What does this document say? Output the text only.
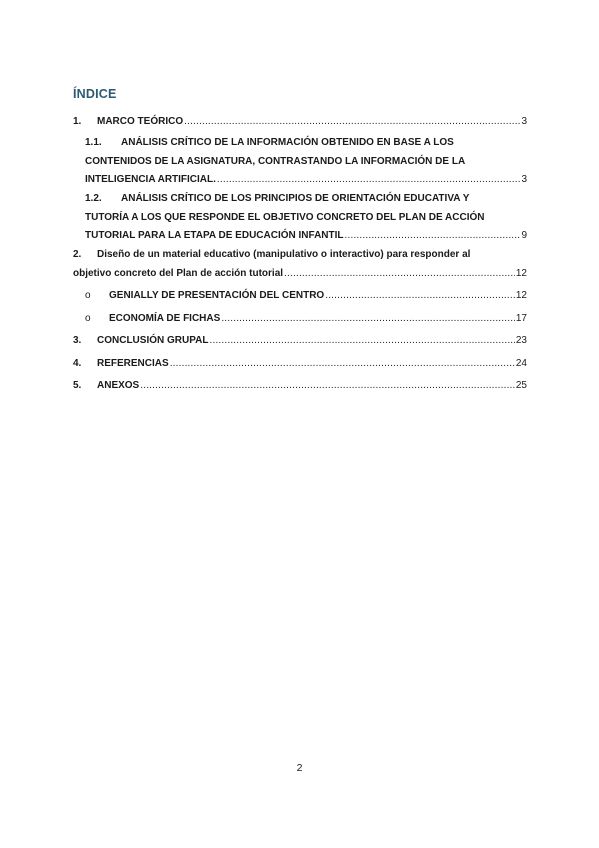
ÍNDICE
1.	MARCO TEÓRICO .....	3
1.1.	ANÁLISIS CRÍTICO DE LA INFORMACIÓN OBTENIDO EN BASE A LOS
CONTENIDOS DE LA ASIGNATURA, CONTRASTANDO LA INFORMACIÓN DE LA
INTELIGENCIA ARTIFICIAL. .....	3
1.2.	ANÁLISIS CRÍTICO DE LOS PRINCIPIOS DE ORIENTACIÓN EDUCATIVA Y
TUTORÍA A LOS QUE RESPONDE EL OBJETIVO CONCRETO DEL PLAN DE ACCIÓN
TUTORIAL PARA LA ETAPA DE EDUCACIÓN INFANTIL .....	9
2.	Diseño de un material educativo (manipulativo o interactivo) para responder al
objetivo concreto del Plan de acción tutorial .....	12
o	GENIALLY DE PRESENTACIÓN DEL CENTRO .....	12
o	ECONOMÍA DE FICHAS .....	17
3.	CONCLUSIÓN GRUPAL .....	23
4.	REFERENCIAS .....	24
5.	ANEXOS .....	25
2
